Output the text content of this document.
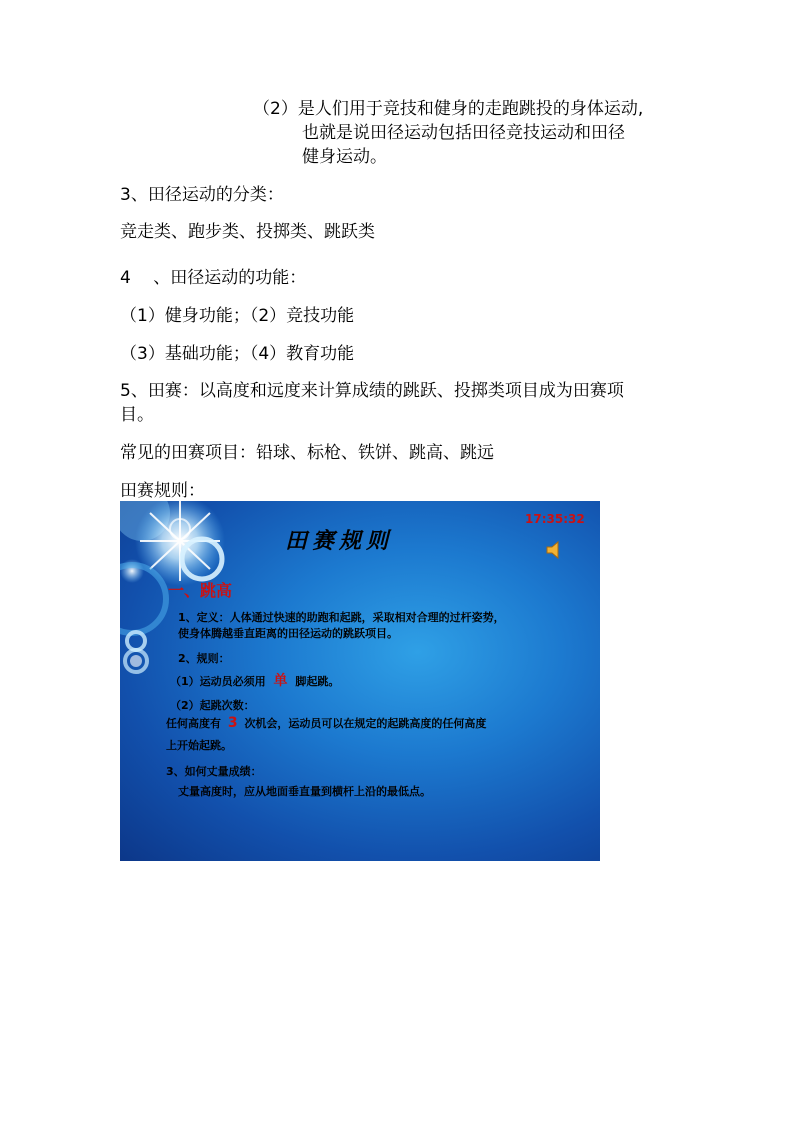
（2）是人们用于竞技和健身的走跑跳投的身体运动,
也就是说田径运动包括田径竞技运动和田径
健身运动。
3、田径运动的分类：
竞走类、跑步类、投掷类、跳跃类
4　 、田径运动的功能：
（1）健身功能；（2）竞技功能
（3）基础功能；（4）教育功能
5、田赛：以高度和远度来计算成绩的跳跃、投掷类项目成为田赛项
目。
常见的田赛项目：铅球、标枪、铁饼、跳高、跳远
田赛规则：
田赛规则
17:35:32
一、跳高
1、定义：人体通过快速的助跑和起跳，采取相对合理的过杆姿势，
使身体腾越垂直距离的田径运动的跳跃项目。
2、规则：
（1）运动员必须用 单 脚起跳。
（2）起跳次数：
任何高度有 3 次机会，运动员可以在规定的起跳高度的任何高度
上开始起跳。
3、如何丈量成绩：
丈量高度时，应从地面垂直量到横杆上沿的最低点。
